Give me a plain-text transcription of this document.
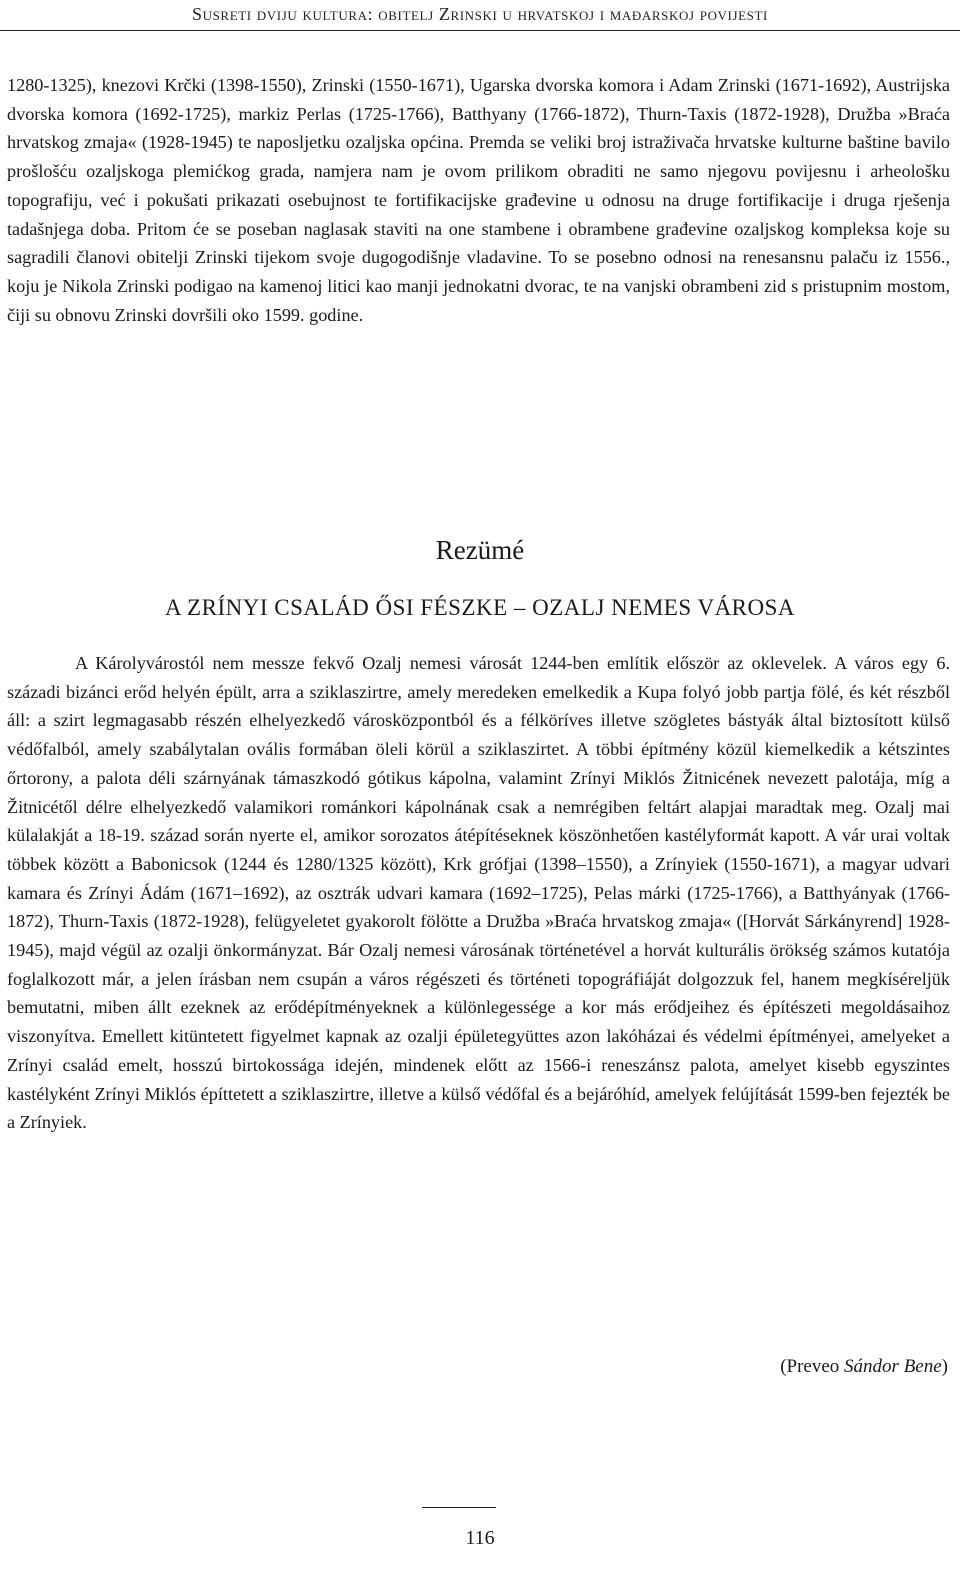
Susreti dviju kultura: obitelj Zrinski u hrvatskoj i mađarskoj povijesti

1280-1325), knezovi Krčki (1398-1550), Zrinski (1550-1671), Ugarska dvorska komora i Adam Zrinski (1671-1692), Austrijska dvorska komora (1692-1725), markiz Perlas (1725-1766), Batthyany (1766-1872), Thurn-Taxis (1872-1928), Družba »Braća hrvatskog zmaja« (1928-1945) te naposljetku ozaljska općina. Premda se veliki broj istraživača hrvatske kulturne baštine bavilo prošlošću ozaljskoga plemićkog grada, namjera nam je ovom prilikom obraditi ne samo njegovu povijesnu i arheološku topografiju, već i pokušati prikazati osebujnost te fortifikacijske građevine u odnosu na druge fortifikacije i druga rješenja tadašnjega doba. Pritom će se poseban naglasak staviti na one stambene i obrambene građevine ozaljskog kompleksa koje su sagradili članovi obitelji Zrinski tijekom svoje dugogodišnje vladavine. To se posebno odnosi na renesansnu palaču iz 1556., koju je Nikola Zrinski podigao na kamenoj litici kao manji jednokatni dvorac, te na vanjski obrambeni zid s pristupnim mostom, čiji su obnovu Zrinski dovršili oko 1599. godine.

Rezümé
A ZRÍNYI CSALÁD ŐSI FÉSZKE – OZALJ NEMES VÁROSA

A Károlyvárostól nem messze fekvő Ozalj nemesi városát 1244-ben említik először az oklevelek. A város egy 6. századi bizánci erőd helyén épült, arra a sziklaszirtre, amely meredeken emelkedik a Kupa folyó jobb partja fölé, és két részből áll: a szirt legmagasabb részén elhelyezkedő városközpontból és a félköríves illetve szögletes bástyák által biztosított külső védőfalból, amely szabálytalan ovális formában öleli körül a sziklaszirtet. A többi építmény közül kiemelkedik a kétszintes őrtorony, a palota déli szárnyának támaszkodó gótikus kápolna, valamint Zrínyi Miklós Žitnicének nevezett palotája, míg a Žitnicétől délre elhelyezkedő valamikori románkori kápolnának csak a nemrégiben feltárt alapjai maradtak meg. Ozalj mai külalakját a 18-19. század során nyerte el, amikor sorozatos átépítéseknek köszönhetően kastélyformát kapott. A vár urai voltak többek között a Babonicsok (1244 és 1280/1325 között), Krk grófjai (1398–1550), a Zrínyiek (1550-1671), a magyar udvari kamara és Zrínyi Ádám (1671–1692), az osztrák udvari kamara (1692–1725), Pelas márki (1725-1766), a Batthyányak (1766-1872), Thurn-Taxis (1872-1928), felügyeletet gyakorolt fölötte a Družba »Braća hrvatskog zmaja« ([Horvát Sárkányrend] 1928-1945), majd végül az ozalji önkormányzat. Bár Ozalj nemesi városának történetével a horvát kulturális örökség számos kutatója foglalkozott már, a jelen írásban nem csupán a város régészeti és történeti topográfiáját dolgozzuk fel, hanem megkíséreljük bemutatni, miben állt ezeknek az erődépítményeknek a különlegessége a kor más erődjeihez és építészeti megoldásaihoz viszonyítva. Emellett kitüntetett figyelmet kapnak az ozalji épületegyüttes azon lakóházai és védelmi építményei, amelyeket a Zrínyi család emelt, hosszú birtokossága idején, mindenek előtt az 1566-i reneszánsz palota, amelyet kisebb egyszintes kastélyként Zrínyi Miklós építtetett a sziklaszirtre, illetve a külső védőfal és a bejáróhíd, amelyek felújítását 1599-ben fejezték be a Zrínyiek.

(Preveo Sándor Bene)

116
